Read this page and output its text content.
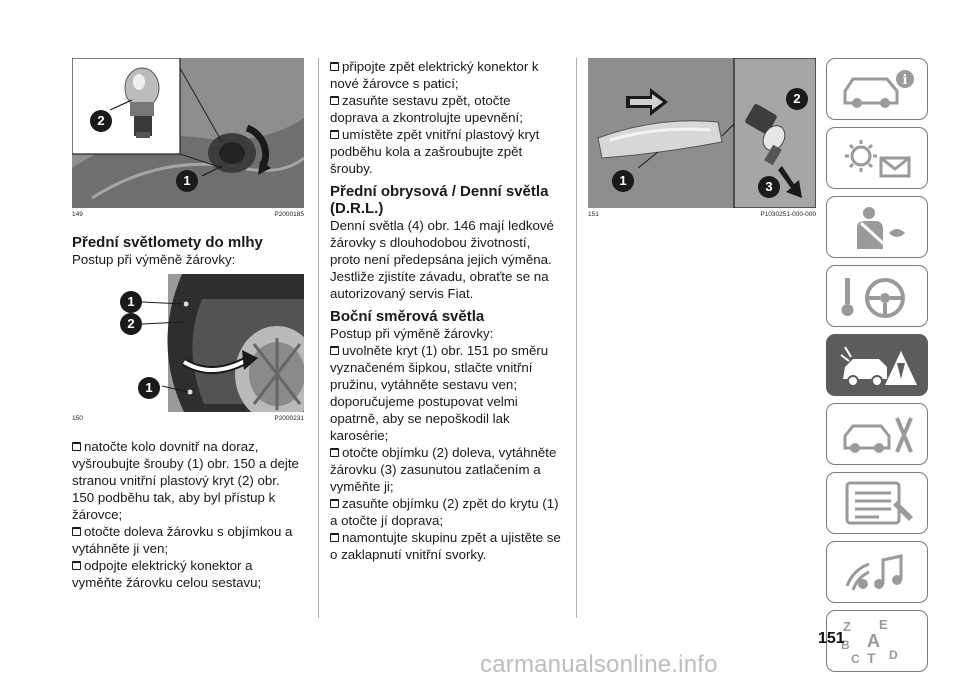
1
2
149	P2000185
Přední světlomety do mlhy
Postup při výměně žárovky:
1
2
1
150	P2000231
natočte kolo dovnitř na doraz, vyšroubujte šrouby (1) obr. 150 a dejte stranou vnitřní plastový kryt (2) obr. 150 podběhu tak, aby byl přístup k žárovce;
otočte doleva žárovku s objímkou a vytáhněte ji ven;
odpojte elektrický konektor a vyměňte žárovku celou sestavu;
připojte zpět elektrický konektor k nové žárovce s paticí;
zasuňte sestavu zpět, otočte doprava a zkontrolujte upevnění;
umístěte zpět vnitřní plastový kryt podběhu kola a zašroubujte zpět šrouby.
Přední obrysová / Denní světla (D.R.L.)
Denní světla (4) obr. 146 mají ledkové žárovky s dlouhodobou životností, proto není předepsána jejich výměna. Jestliže zjistíte závadu, obraťte se na autorizovaný servis Fiat.
Boční směrová světla
Postup při výměně žárovky:
uvolněte kryt (1) obr. 151 po směru vyznačeném šipkou, stlačte vnitřní pružinu, vytáhněte sestavu ven; doporučujeme postupovat velmi opatrně, aby se nepoškodil lak karosérie;
otočte objímku (2) doleva, vytáhněte žárovku (3) zasunutou zatlačením a vyměňte ji;
zasuňte objímku (2) zpět do krytu (1) a otočte jí doprava;
namontujte skupinu zpět a ujistěte se o zaklapnutí vnitřní svorky.
1
2
3
151	P1030251-000-000
i
Z E
A
B
C T D
151
carmanualsonline.info
